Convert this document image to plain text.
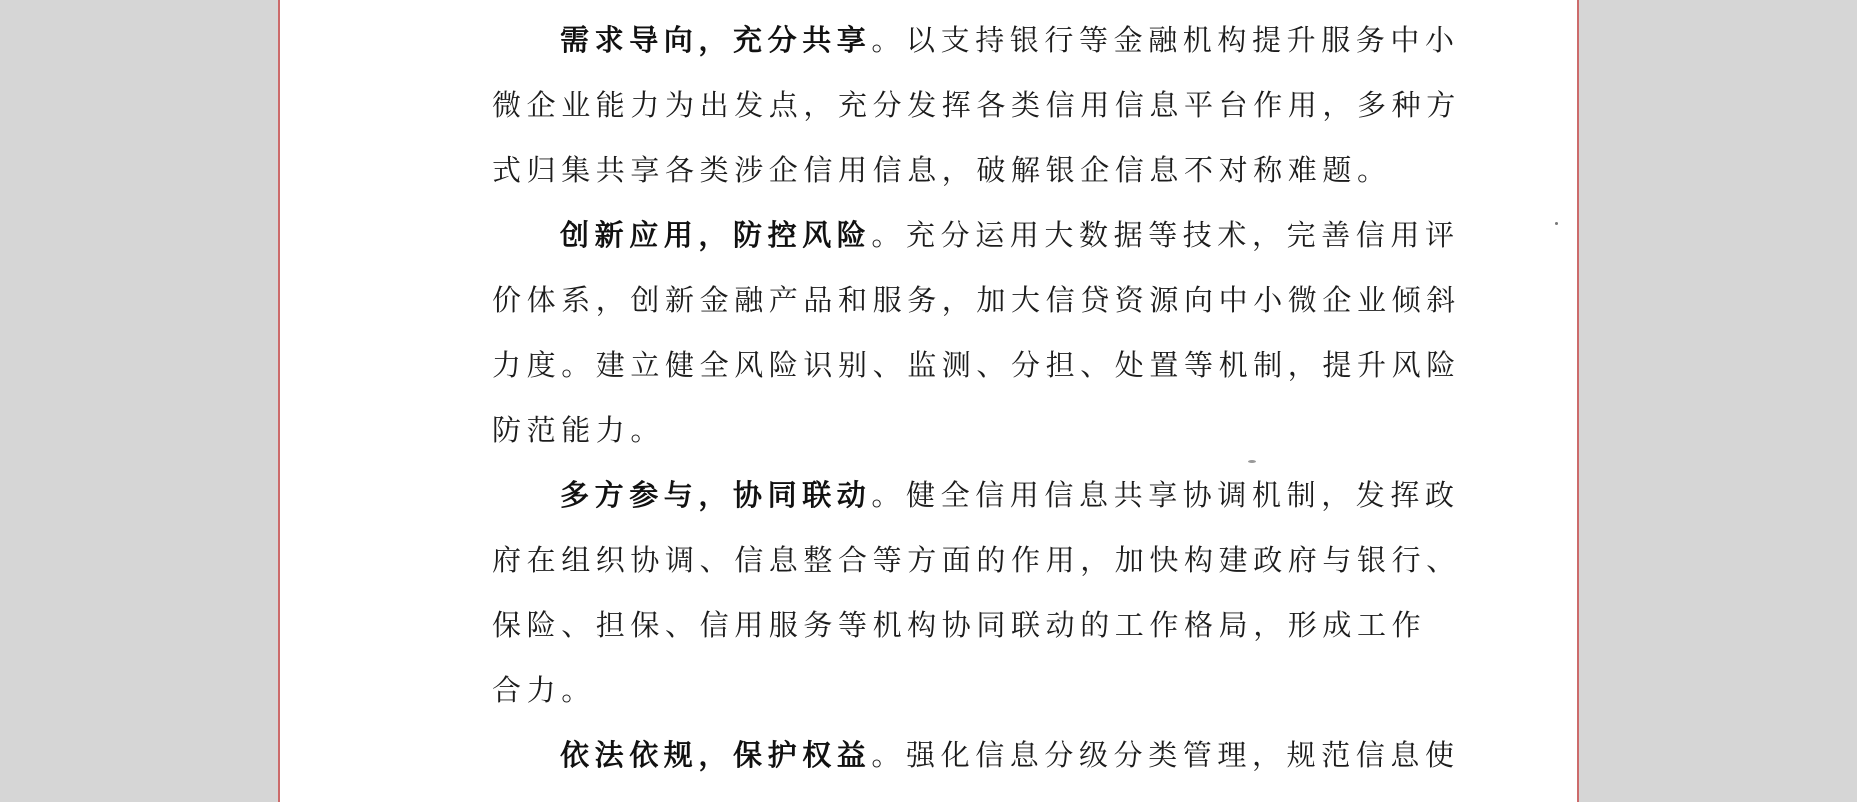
需求导向，充分共享。以支持银行等金融机构提升服务中小
微企业能力为出发点，充分发挥各类信用信息平台作用，多种方
式归集共享各类涉企信用信息，破解银企信息不对称难题。
创新应用，防控风险。充分运用大数据等技术，完善信用评
价体系，创新金融产品和服务，加大信贷资源向中小微企业倾斜
力度。建立健全风险识别、监测、分担、处置等机制，提升风险
防范能力。
多方参与，协同联动。健全信用信息共享协调机制，发挥政
府在组织协调、信息整合等方面的作用，加快构建政府与银行、
保险、担保、信用服务等机构协同联动的工作格局，形成工作
合力。
依法依规，保护权益。强化信息分级分类管理，规范信息使
